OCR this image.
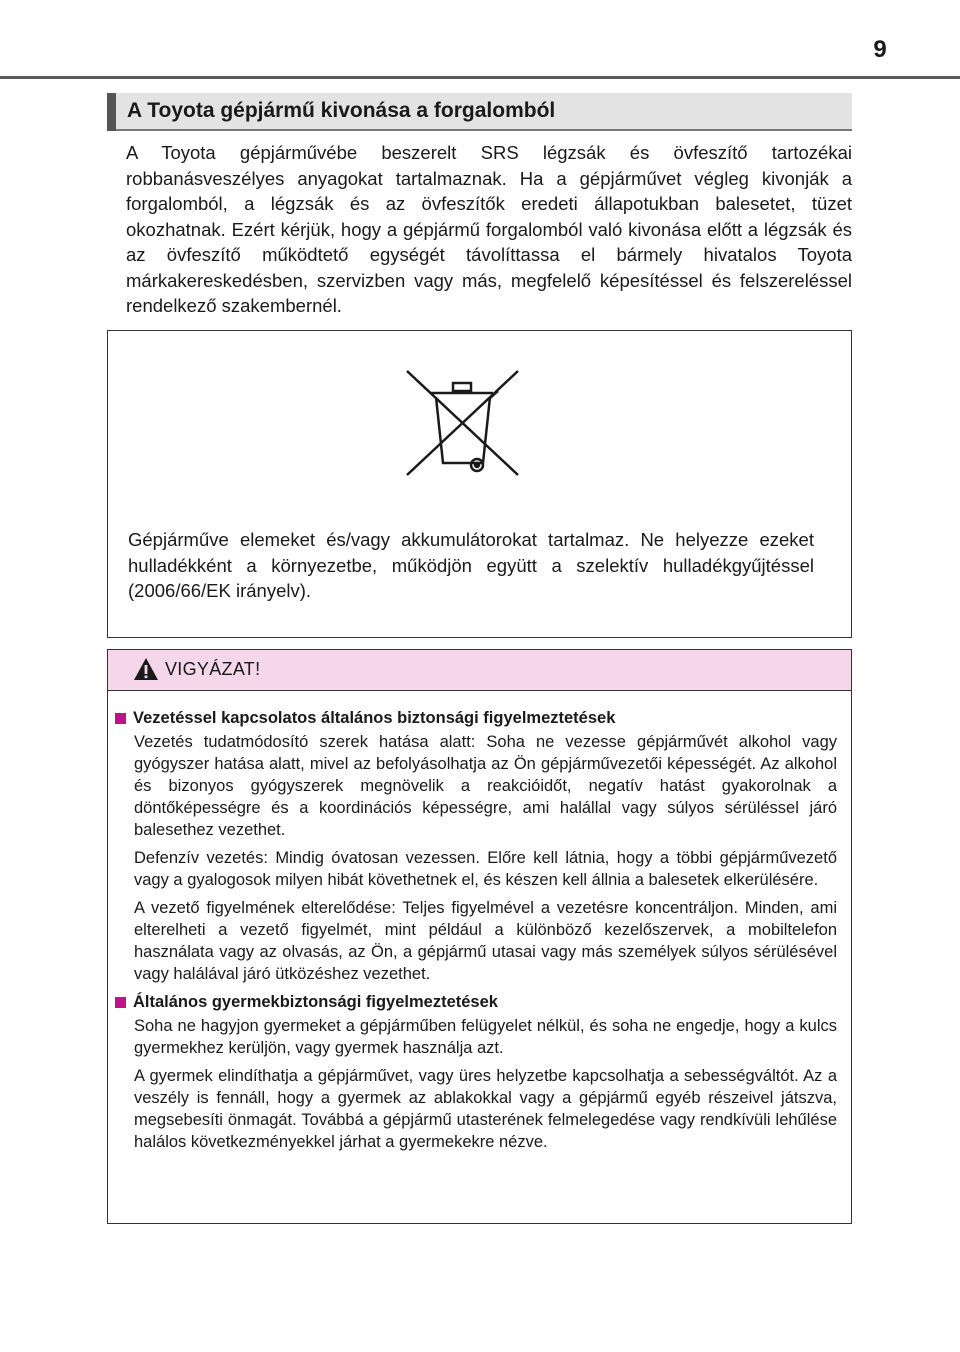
9
A Toyota gépjármű kivonása a forgalomból
A Toyota gépjárművébe beszerelt SRS légzsák és övfeszítő tartozékai robbanásveszélyes anyagokat tartalmaznak. Ha a gépjárművet végleg kivonják a forgalomból, a légzsák és az övfeszítők eredeti állapotukban balesetet, tüzet okozhatnak. Ezért kérjük, hogy a gépjármű forgalomból való kivonása előtt a légzsák és az övfeszítő működtető egységét távolíttassa el bármely hivatalos Toyota márkakereskedésben, szervizben vagy más, megfelelő képesítéssel és felszereléssel rendelkező szakembernél.
Gépjárműve elemeket és/vagy akkumulátorokat tartalmaz. Ne helyezze ezeket hulladékként a környezetbe, működjön együtt a szelektív hulladékgyűjtéssel (2006/66/EK irányelv).
VIGYÁZAT!
Vezetéssel kapcsolatos általános biztonsági figyelmeztetések
Vezetés tudatmódosító szerek hatása alatt: Soha ne vezesse gépjárművét alkohol vagy gyógyszer hatása alatt, mivel az befolyásolhatja az Ön gépjárművezetői képességét. Az alkohol és bizonyos gyógyszerek megnövelik a reakcióidőt, negatív hatást gyakorolnak a döntőképességre és a koordinációs képességre, ami halállal vagy súlyos sérüléssel járó balesethez vezethet.
Defenzív vezetés: Mindig óvatosan vezessen. Előre kell látnia, hogy a többi gépjárművezető vagy a gyalogosok milyen hibát követhetnek el, és készen kell állnia a balesetek elkerülésére.
A vezető figyelmének elterelődése: Teljes figyelmével a vezetésre koncentráljon. Minden, ami elterelheti a vezető figyelmét, mint például a különböző kezelőszervek, a mobiltelefon használata vagy az olvasás, az Ön, a gépjármű utasai vagy más személyek súlyos sérülésével vagy halálával járó ütközéshez vezethet.
Általános gyermekbiztonsági figyelmeztetések
Soha ne hagyjon gyermeket a gépjárműben felügyelet nélkül, és soha ne engedje, hogy a kulcs gyermekhez kerüljön, vagy gyermek használja azt.
A gyermek elindíthatja a gépjárművet, vagy üres helyzetbe kapcsolhatja a sebességváltót. Az a veszély is fennáll, hogy a gyermek az ablakokkal vagy a gépjármű egyéb részeivel játszva, megsebesíti önmagát. Továbbá a gépjármű utasterének felmelegedése vagy rendkívüli lehűlése halálos következményekkel járhat a gyermekekre nézve.
